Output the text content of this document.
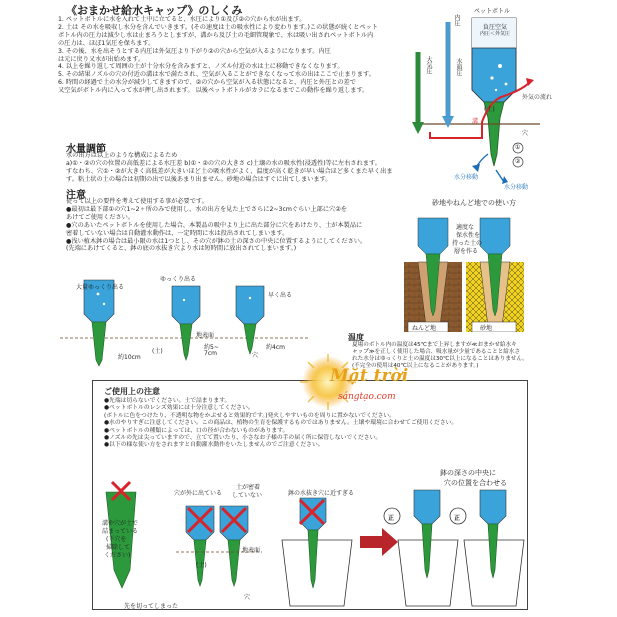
《おまかせ給水キャップ》のしくみ
1. ペットボトルに水を入れて土中に立てると、水圧により①及び②の穴から水が出ます。
2. 土は その水を吸収し水分を含んでいきます。(その速度は土の吸水性により変わります。)この状態が続くとペット
ボトル内の圧力は減少し水は止まろうとしますが、溝から及び土の毛細管現象で、水は吸い出されペットボトル内
の圧力は、ほぼ1気圧を保ちます。
3. その後、水を出そうとする内圧は外気圧より下がり②の穴から空気が入るようになります。内圧
は元に戻り又水が出始めます。
4. 以上を繰り返して周囲の土が十分水分を含みますと、ノズル付近の水は土に移動できなくなります。
5. その結果ノズルの穴の付近の溝は水で満たされ、空気が入ることができなくなって水の出はここで止まります。
6. 時間の経過で土の水分が減少してきますので、②の穴から空気が入る状態になると、内圧と外圧との差で
又空気がボトル内に入って水が押し出されます。 以後ペットボトルがカラになるまでこの動作を繰り返します。
ペットボトル
負圧空気
内圧＜外気圧
内圧
大気圧	水頭圧
外気の流れ
溝
(土)
穴
①
②
水分移動
水分移動
水量調節
水の出方は以上のような構成によるため
a)①・②の穴の位置の高低差による水圧差 b)①・②の穴の大きさ c)土壌の水の吸水性(浸透性)等に左右されます。
すなわち、穴①・②が大きく高低差が大きいほど土の吸水性がよく、温度が高く乾きが早い場合ほど多くまた早く出ま
す。粘土状の土の場合は初期の出で以後あまり出ません。砂地の場合はすぐに出てしまいます。
注意
従って以上の要件を考えて使用する事が必要です。
●最初は最下部①の穴1~2ヶ所のみで使用し、水の出方を見た上でさらに2~3cmぐらい上部に穴②を
あけてご使用ください。
●穴のあいたペットボトルを使用した場合、本製品の吸中より上に出た部分に穴をあけたり、土が本製品に
密着していない場合は自動灌水動作は、一定時間に水は投出されてしまいます。
●浅い植木鉢の場合は最小限の水は1つとし、その穴が鉢の土の深さの中央に位置するようにしてください。
(先端にあけてくると、鉢の底の水抜き穴より水は短時間に放出されてしまいます。)
大量ゆっくり出る
ゆっくり出る
早く出る
地表面
約10cm
約5~
7cm
約4cm
(土)
穴
砂地やねんど地での使い方
適度な
保水性を
持った土の
層を作る
ねんど地	砂地
温度
夏場のボトル内の温度は45℃まで上昇しますが≪おまかせ給水キ
ャップ≫を正しく使用した場合、吸水量が少量であることと給水さ
れた水分はゆっくりと土の温度は30℃以上になることはありません。
(不完全の使用は40℃以上になることがあります。)
ご使用上の注意
●先端は切らないでください。土で詰まります。
●ペットボトルのレンズ効果には十分注意してください。
(ボトルに色をつけたり、不透明な物をかぶせると効果的です。)発火しやすいものを周りに置かないでください。
●水のやりすぎに注意してください。この商品は、植物の生育を保護するものではありません。土壌や環境に合わせてご使用ください。
●ペットボトルの種類によっては、口の径が合わないものがあります。
●ノズルの先は尖っていますので、立てて置いたり、小さなお子様の手の届く所に保管しないでください。
●以下の様な使い方をされますと自動灌水動作をいたしませんのでご注意ください。
溝や穴が土で
詰まっている
(下穴を
掃除して
ください)
先を切ってしまった
穴が外に出ている
土が密着
していない
地表面
(土)
穴
鉢の水抜き穴に近すぎる
正	正
鉢の深さの中央に
穴の位置を合わせる
Mặt trời
sángtạo.com
